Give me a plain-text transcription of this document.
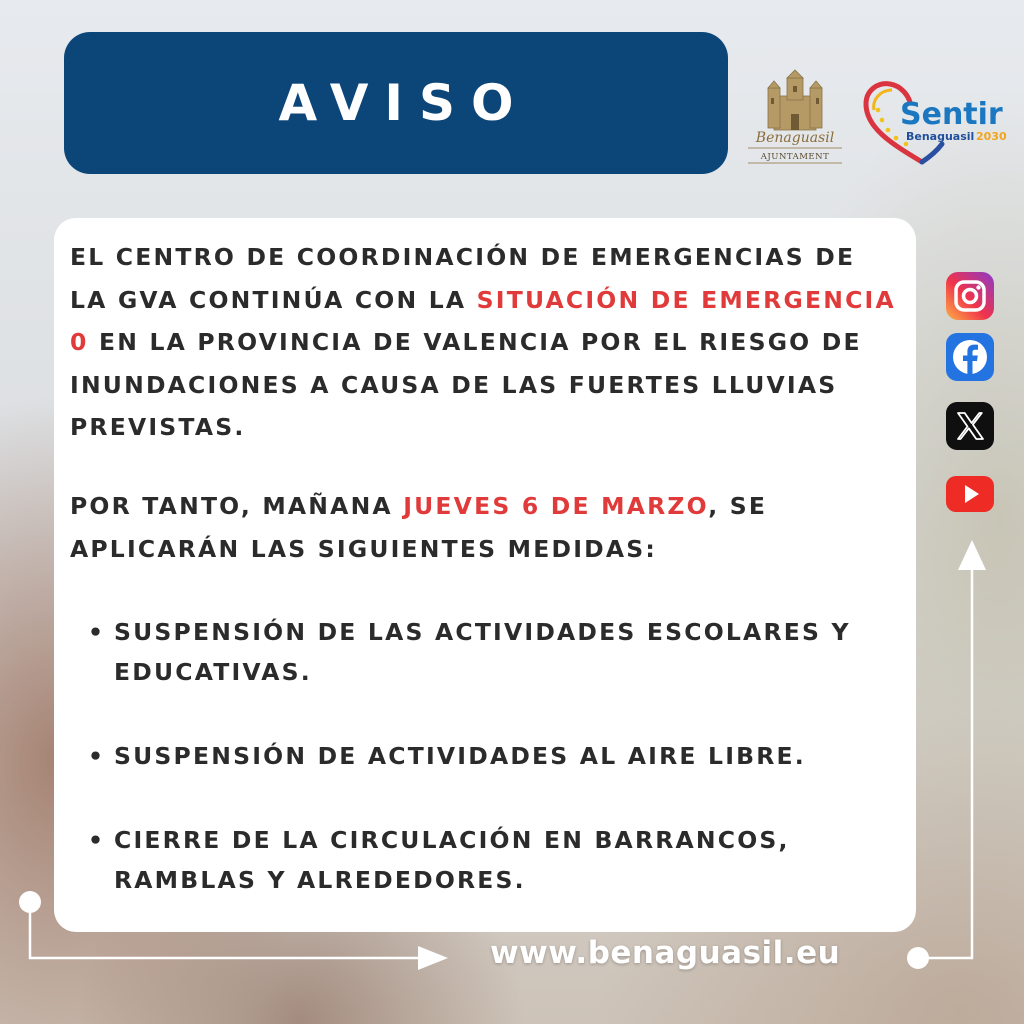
AVISO
Benaguasil
AJUNTAMENT
Sentir
Benaguasil 2030
EL CENTRO DE COORDINACIÓN DE EMERGENCIAS DE LA GVA CONTINÚA CON LA SITUACIÓN DE EMERGENCIA 0 EN LA PROVINCIA DE VALENCIA POR EL RIESGO DE INUNDACIONES A CAUSA DE LAS FUERTES LLUVIAS PREVISTAS.
POR TANTO, MAÑANA JUEVES 6 DE MARZO, SE APLICARÁN LAS SIGUIENTES MEDIDAS:
• SUSPENSIÓN DE LAS ACTIVIDADES ESCOLARES Y EDUCATIVAS.
• SUSPENSIÓN DE ACTIVIDADES AL AIRE LIBRE.
• CIERRE DE LA CIRCULACIÓN EN BARRANCOS, RAMBLAS Y ALREDEDORES.
www.benaguasil.eu
